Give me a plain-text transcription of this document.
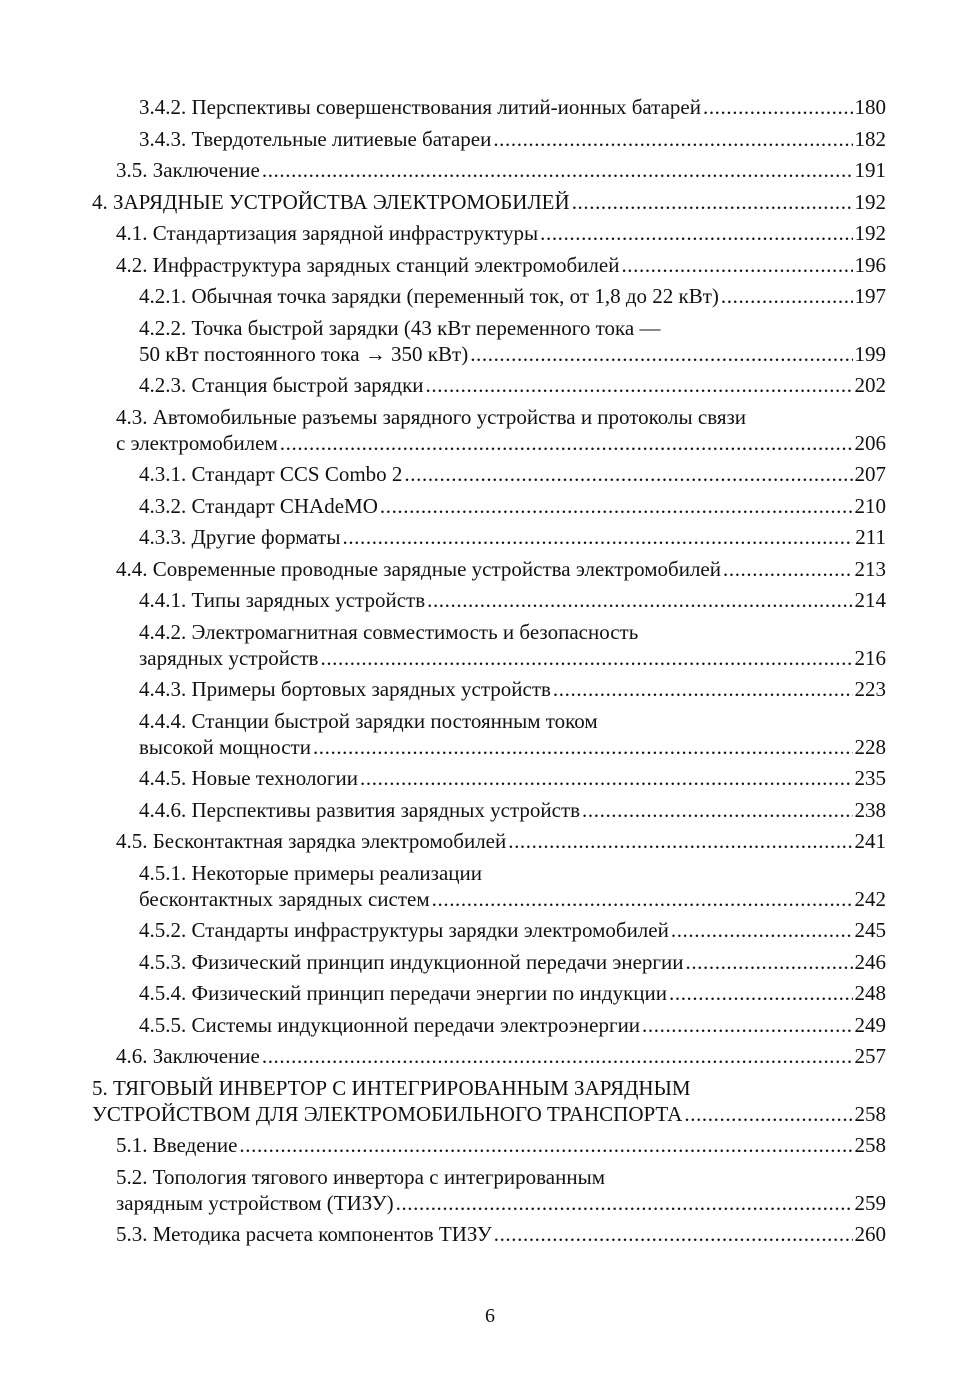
3.4.2. Перспективы совершенствования литий-ионных батарей .....	180
3.4.3. Твердотельные литиевые батареи .....	182
3.5. Заключение .....	191
4. ЗАРЯДНЫЕ УСТРОЙСТВА ЭЛЕКТРОМОБИЛЕЙ .....	192
4.1. Стандартизация зарядной инфраструктуры .....	192
4.2. Инфраструктура зарядных станций электромобилей .....	196
4.2.1. Обычная точка зарядки (переменный ток, от 1,8 до 22 кВт) .....	197
4.2.2. Точка быстрой зарядки (43 кВт переменного тока —
50 кВт постоянного тока → 350 кВт) .....	199
4.2.3. Станция быстрой зарядки .....	202
4.3. Автомобильные разъемы зарядного устройства и протоколы связи
с электромобилем .....	206
4.3.1. Стандарт CCS Combo 2 .....	207
4.3.2. Стандарт CHAdeMO .....	210
4.3.3. Другие форматы .....	211
4.4. Современные проводные зарядные устройства электромобилей .....	213
4.4.1. Типы зарядных устройств .....	214
4.4.2. Электромагнитная совместимость и безопасность
зарядных устройств .....	216
4.4.3. Примеры бортовых зарядных устройств .....	223
4.4.4. Станции быстрой зарядки постоянным током
высокой мощности .....	228
4.4.5. Новые технологии .....	235
4.4.6. Перспективы развития зарядных устройств .....	238
4.5. Бесконтактная зарядка электромобилей .....	241
4.5.1. Некоторые примеры реализации
бесконтактных зарядных систем .....	242
4.5.2. Стандарты инфраструктуры зарядки электромобилей .....	245
4.5.3. Физический принцип индукционной передачи энергии .....	246
4.5.4. Физический принцип передачи энергии по индукции .....	248
4.5.5. Системы индукционной передачи электроэнергии .....	249
4.6. Заключение .....	257
5. ТЯГОВЫЙ ИНВЕРТОР С ИНТЕГРИРОВАННЫМ ЗАРЯДНЫМ
УСТРОЙСТВОМ ДЛЯ ЭЛЕКТРОМОБИЛЬНОГО ТРАНСПОРТА .....	258
5.1. Введение .....	258
5.2. Топология тягового инвертора с интегрированным
зарядным устройством (ТИЗУ) .....	259
5.3. Методика расчета компонентов ТИЗУ .....	260
6
